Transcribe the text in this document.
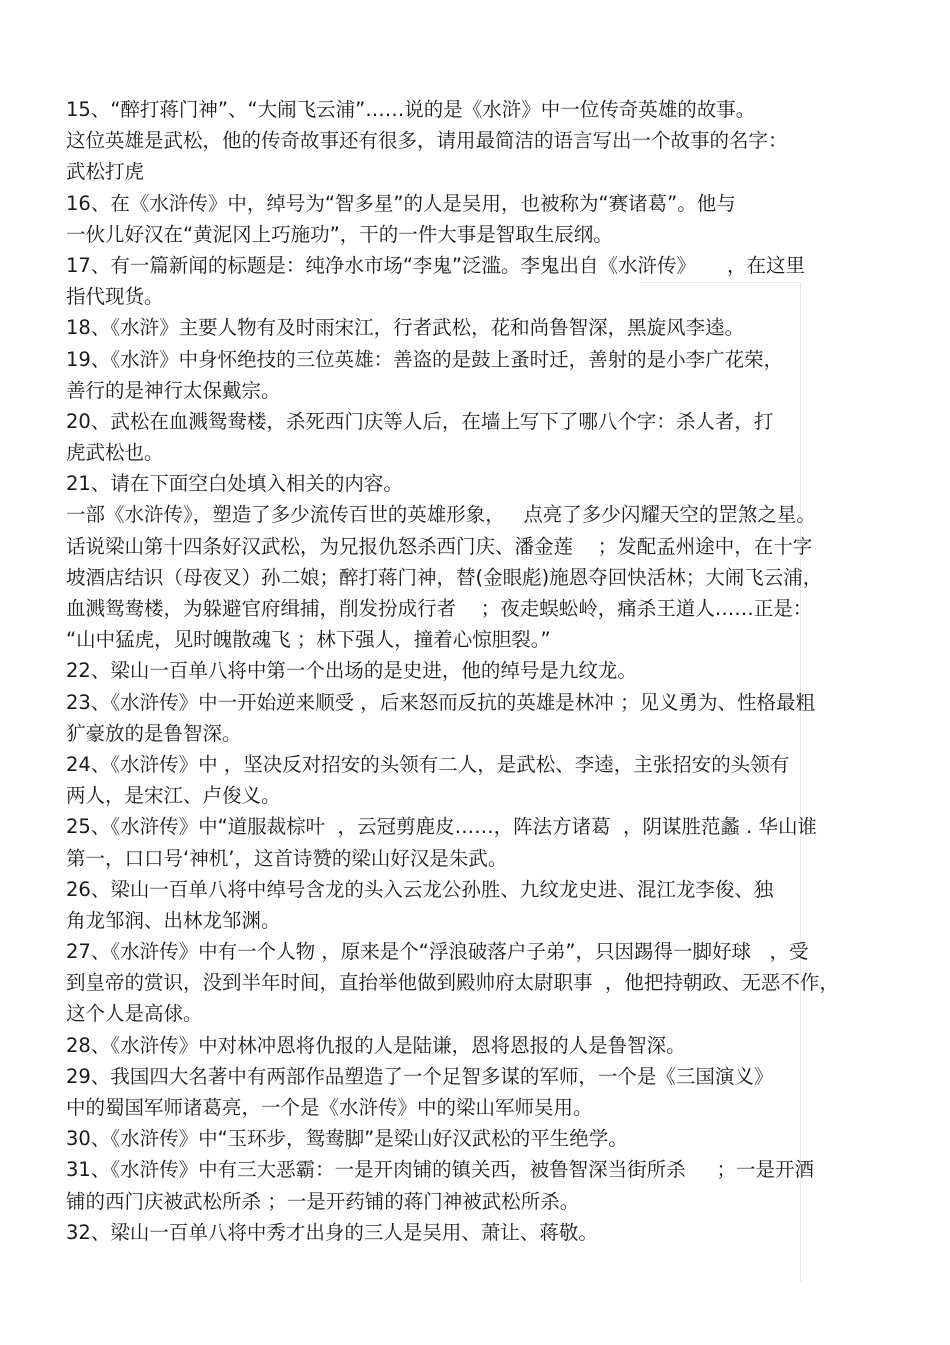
15、“醉打蒋门神”、“大闹飞云浦”……说的是《水浒》中一位传奇英雄的故事。
这位英雄是武松，他的传奇故事还有很多，请用最简洁的语言写出一个故事的名字：
武松打虎
16、在《水浒传》中，绰号为“智多星”的人是吴用，也被称为“赛诸葛”。他与
一伙儿好汉在“黄泥冈上巧施功”，干的一件大事是智取生辰纲。
17、有一篇新闻的标题是：纯净水市场“李鬼”泛滥。李鬼出自《水浒传》     ，在这里
指代现货。
18、《水浒》主要人物有及时雨宋江，行者武松，花和尚鲁智深，黑旋风李逵。
19、《水浒》中身怀绝技的三位英雄：善盗的是鼓上蚤时迁，善射的是小李广花荣，
善行的是神行太保戴宗。
20、武松在血溅鸳鸯楼，杀死西门庆等人后，在墙上写下了哪八个字：杀人者，打
虎武松也。
21、请在下面空白处填入相关的内容。
一部《水浒传》，塑造了多少流传百世的英雄形象，   点亮了多少闪耀天空的罡煞之星。
话说梁山第十四条好汉武松，为兄报仇怒杀西门庆、潘金莲    ；发配孟州途中，在十字
坡酒店结识（母夜叉）孙二娘；醉打蒋门神，替(金眼彪)施恩夺回快活林；大闹飞云浦，
血溅鸳鸯楼，为躲避官府缉捕，削发扮成行者    ；夜走蜈蚣岭，痛杀王道人……正是：
“山中猛虎，见时魄散魂飞 ；林下强人，撞着心惊胆裂。”
22、梁山一百单八将中第一个出场的是史进，他的绰号是九纹龙。
23、《水浒传》中一开始逆来顺受 ，后来怒而反抗的英雄是林冲 ；见义勇为、性格最粗
犷豪放的是鲁智深。
24、《水浒传》中 ，坚决反对招安的头领有二人，是武松、李逵，主张招安的头领有
两人，是宋江、卢俊义。
25、《水浒传》中“道服裁棕叶  ，云冠剪鹿皮……，阵法方诸葛  ，阴谋胜范蠡 . 华山谁
第一，口口号‘神机’，这首诗赞的梁山好汉是朱武。
26、梁山一百单八将中绰号含龙的头入云龙公孙胜、九纹龙史进、混江龙李俊、独
角龙邹润、出林龙邹渊。
27、《水浒传》中有一个人物 ，原来是个“浮浪破落户子弟”，只因踢得一脚好球   ，受
到皇帝的赏识，没到半年时间，直抬举他做到殿帅府太尉职事  ，他把持朝政、无恶不作，
这个人是高俅。
28、《水浒传》中对林冲恩将仇报的人是陆谦，恩将恩报的人是鲁智深。
29、我国四大名著中有两部作品塑造了一个足智多谋的军师，一个是《三国演义》
中的蜀国军师诸葛亮，一个是《水浒传》中的梁山军师吴用。
30、《水浒传》中“玉环步，鸳鸯脚”是梁山好汉武松的平生绝学。
31、《水浒传》中有三大恶霸：一是开肉铺的镇关西，被鲁智深当街所杀     ；一是开酒
铺的西门庆被武松所杀 ；一是开药铺的蒋门神被武松所杀。
32、梁山一百单八将中秀才出身的三人是吴用、萧让、蒋敬。
